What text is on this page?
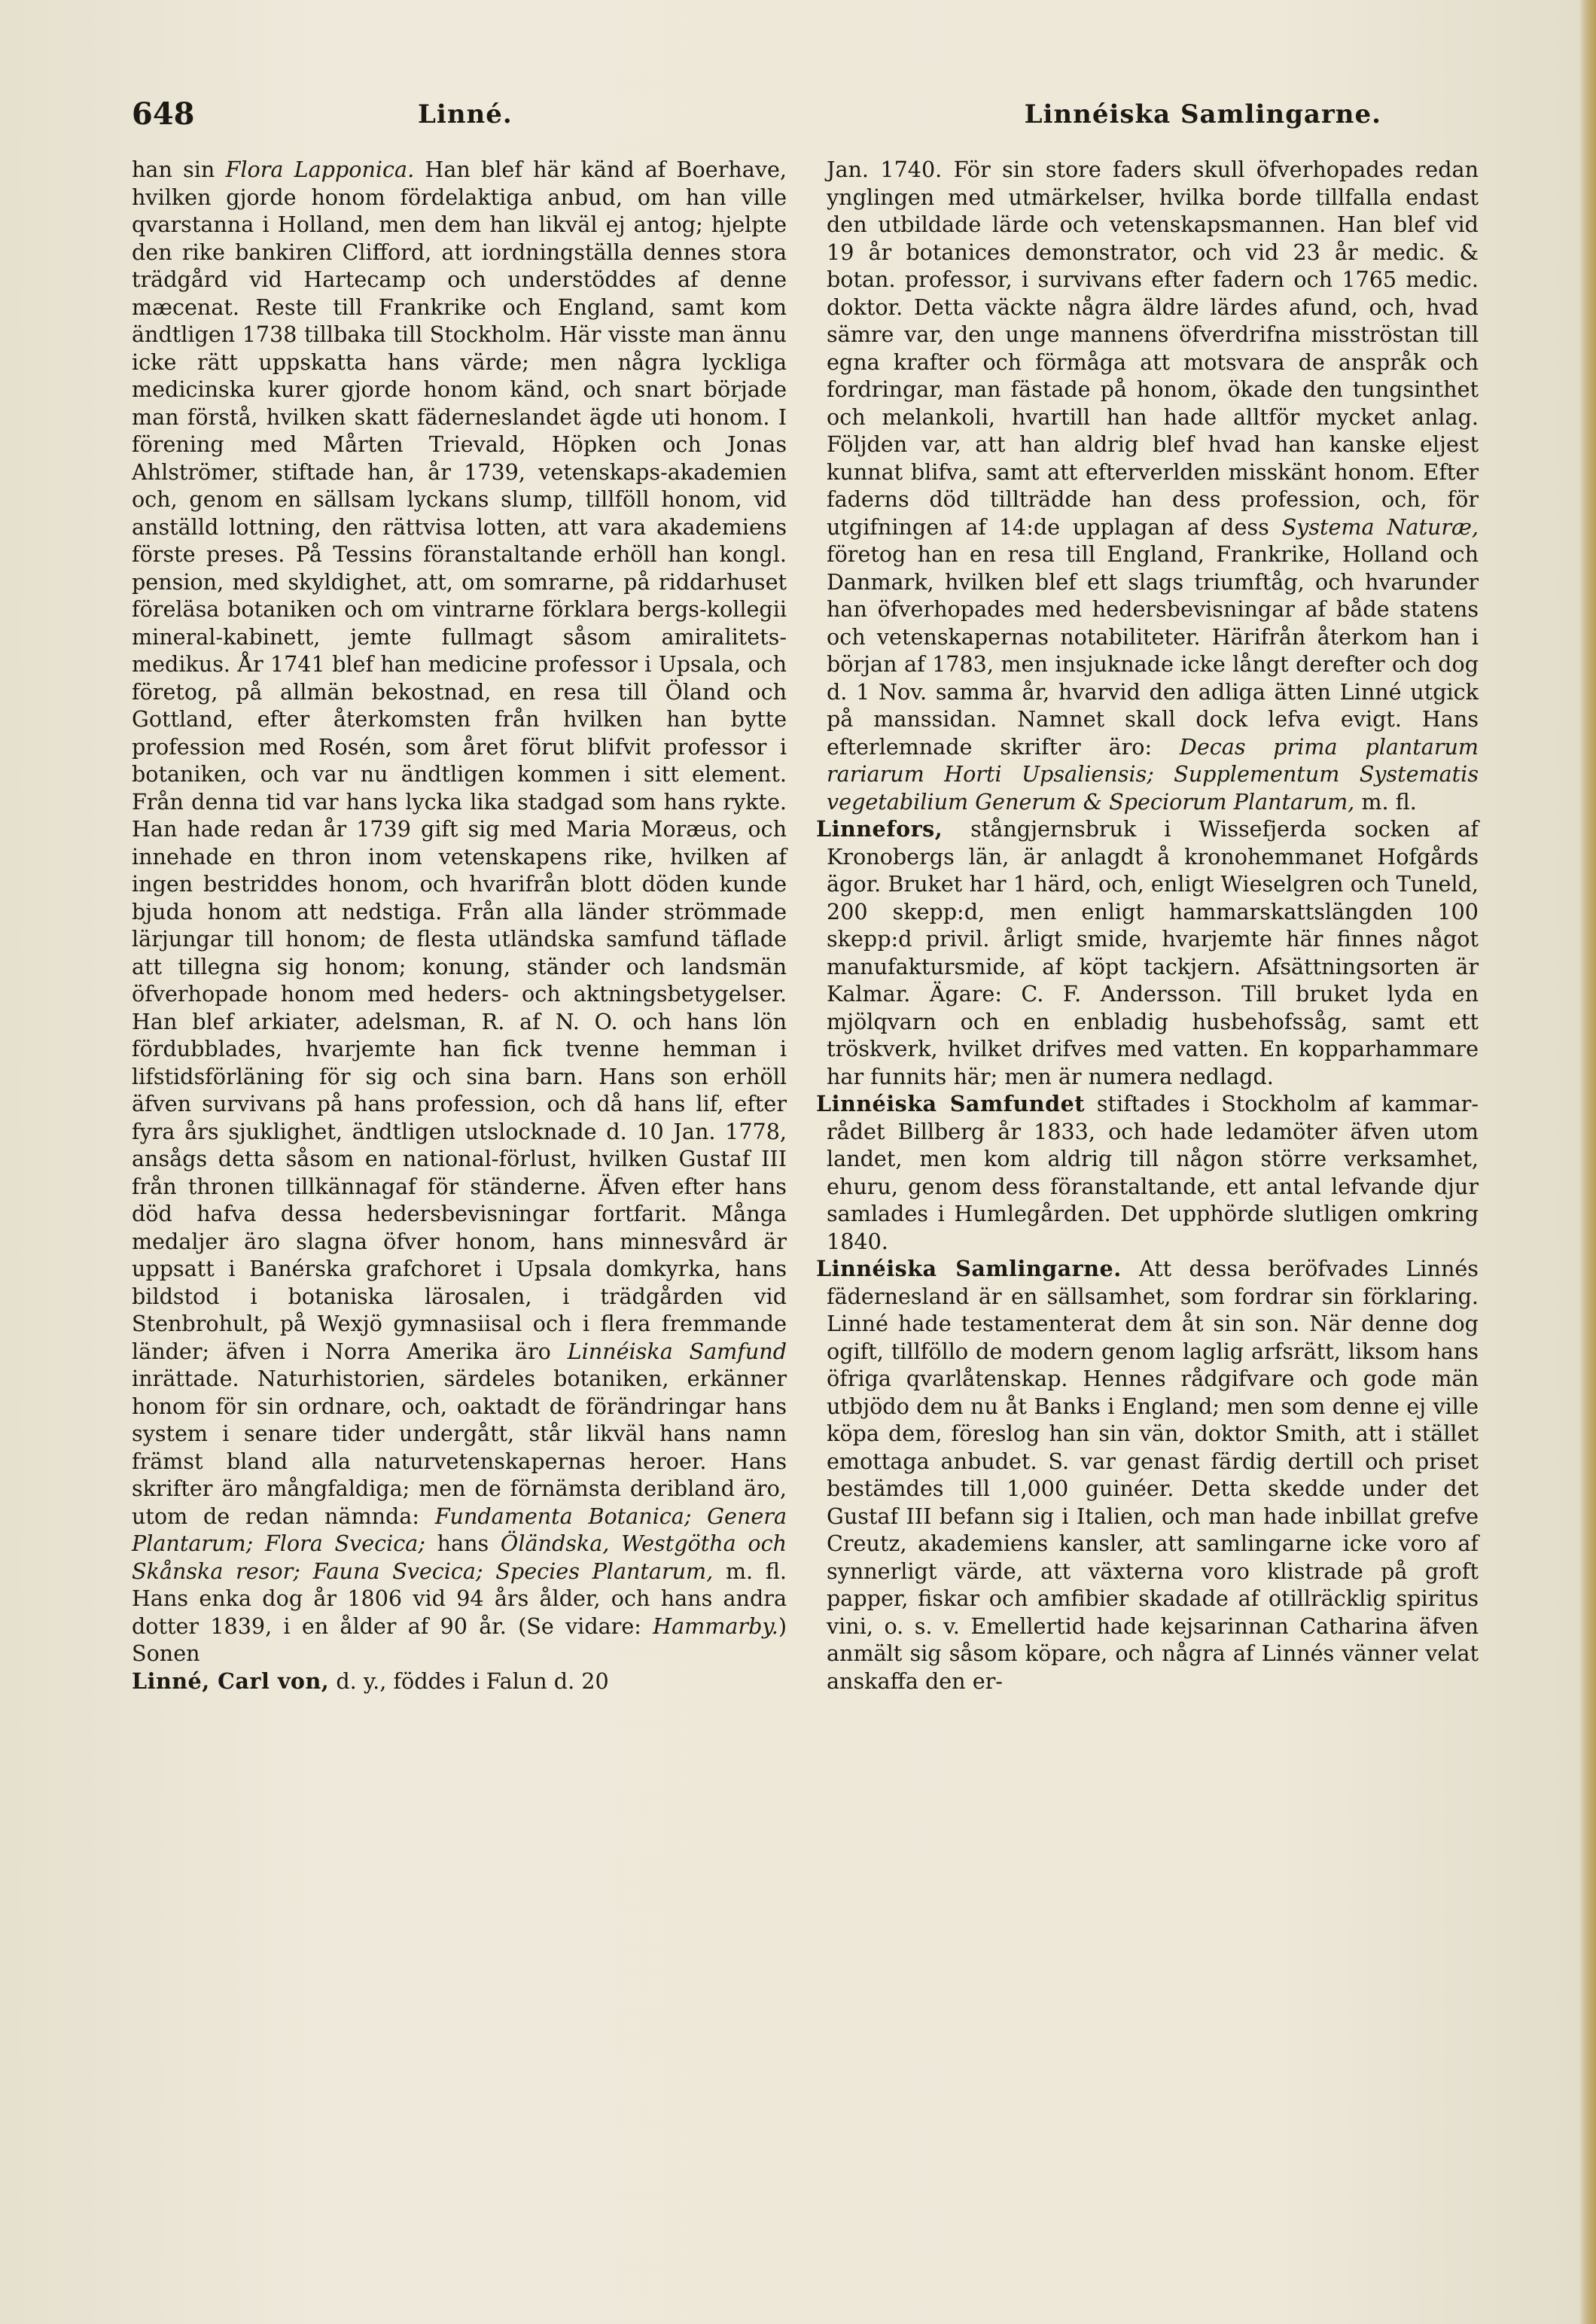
648	Linné.	Linnéiska Samlingarne.

han sin Flora Lapponica. Han blef här känd af Boerhave, hvilken gjorde honom fördelaktiga anbud, om han ville qvarstanna i Holland, men dem han likväl ej antog; hjelpte den rike bankiren Clifford, att iordningställa dennes stora trädgård vid Hartecamp och understöddes af denne mæcenat. Reste till Frankrike och England, samt kom ändtligen 1738 tillbaka till Stockholm. Här visste man ännu icke rätt uppskatta hans värde; men några lyckliga medicinska kurer gjorde honom känd, och snart började man förstå, hvilken skatt fäderneslandet ägde uti honom. I förening med Mårten Trievald, Höpken och Jonas Ahlströmer, stiftade han, år 1739, vetenskaps-akademien och, genom en sällsam lyckans slump, tillföll honom, vid anställd lottning, den rättvisa lotten, att vara akademiens förste preses. På Tessins föranstaltande erhöll han kongl. pension, med skyldighet, att, om somrarne, på riddarhuset föreläsa botaniken och om vintrarne förklara bergs-kollegii mineral-kabinett, jemte fullmagt såsom amiralitets-medikus. År 1741 blef han medicine professor i Upsala, och företog, på allmän bekostnad, en resa till Öland och Gottland, efter återkomsten från hvilken han bytte profession med Rosén, som året förut blifvit professor i botaniken, och var nu ändtligen kommen i sitt element. Från denna tid var hans lycka lika stadgad som hans rykte. Han hade redan år 1739 gift sig med Maria Moræus, och innehade en thron inom vetenskapens rike, hvilken af ingen bestriddes honom, och hvarifrån blott döden kunde bjuda honom att nedstiga. Från alla länder strömmade lärjungar till honom; de flesta utländska samfund täflade att tillegna sig honom; konung, ständer och landsmän öfverhopade honom med heders- och aktningsbetygelser. Han blef arkiater, adelsman, R. af N. O. och hans lön fördubblades, hvarjemte han fick tvenne hemman i lifstidsförläning för sig och sina barn. Hans son erhöll äfven survivans på hans profession, och då hans lif, efter fyra års sjuklighet, ändtligen utslocknade d. 10 Jan. 1778, ansågs detta såsom en national-förlust, hvilken Gustaf III från thronen tillkännagaf för ständerne. Äfven efter hans död hafva dessa hedersbevisningar fortfarit. Många medaljer äro slagna öfver honom, hans minnesvård är uppsatt i Banérska grafchoret i Upsala domkyrka, hans bildstod i botaniska lärosalen, i trädgården vid Stenbrohult, på Wexjö gymnasiisal och i flera fremmande länder; äfven i Norra Amerika äro Linnéiska Samfund inrättade. Naturhistorien, särdeles botaniken, erkänner honom för sin ordnare, och, oaktadt de förändringar hans system i senare tider undergått, står likväl hans namn främst bland alla naturvetenskapernas heroer. Hans skrifter äro mångfaldiga; men de förnämsta deribland äro, utom de redan nämnda: Fundamenta Botanica; Genera Plantarum; Flora Svecica; hans Öländska, Westgötha och Skånska resor; Fauna Svecica; Species Plantarum, m. fl. Hans enka dog år 1806 vid 94 års ålder, och hans andra dotter 1839, i en ålder af 90 år. (Se vidare: Hammarby.) Sonen

Linné, Carl von, d. y., föddes i Falun d. 20

Jan. 1740. För sin store faders skull öfverhopades redan ynglingen med utmärkelser, hvilka borde tillfalla endast den utbildade lärde och vetenskapsmannen. Han blef vid 19 år botanices demonstrator, och vid 23 år medic. & botan. professor, i survivans efter fadern och 1765 medic. doktor. Detta väckte några äldre lärdes afund, och, hvad sämre var, den unge mannens öfverdrifna misströstan till egna krafter och förmåga att motsvara de anspråk och fordringar, man fästade på honom, ökade den tungsinthet och melankoli, hvartill han hade alltför mycket anlag. Följden var, att han aldrig blef hvad han kanske eljest kunnat blifva, samt att efterverlden misskänt honom. Efter faderns död tillträdde han dess profession, och, för utgifningen af 14:de upplagan af dess Systema Naturæ, företog han en resa till England, Frankrike, Holland och Danmark, hvilken blef ett slags triumftåg, och hvarunder han öfverhopades med hedersbevisningar af både statens och vetenskapernas notabiliteter. Härifrån återkom han i början af 1783, men insjuknade icke långt derefter och dog d. 1 Nov. samma år, hvarvid den adliga ätten Linné utgick på manssidan. Namnet skall dock lefva evigt. Hans efterlemnade skrifter äro: Decas prima plantarum rariarum Horti Upsaliensis; Supplementum Systematis vegetabilium Generum & Speciorum Plantarum, m. fl.

Linnefors, stångjernsbruk i Wissefjerda socken af Kronobergs län, är anlagdt å kronohemmanet Hofgårds ägor. Bruket har 1 härd, och, enligt Wieselgren och Tuneld, 200 skepp:d, men enligt hammarskattslängden 100 skepp:d privil. årligt smide, hvarjemte här finnes något manufaktursmide, af köpt tackjern. Afsättningsorten är Kalmar. Ägare: C. F. Andersson. Till bruket lyda en mjölqvarn och en enbladig husbehofssåg, samt ett tröskverk, hvilket drifves med vatten. En kopparhammare har funnits här; men är numera nedlagd.

Linnéiska Samfundet stiftades i Stockholm af kammar-rådet Billberg år 1833, och hade ledamöter äfven utom landet, men kom aldrig till någon större verksamhet, ehuru, genom dess föranstaltande, ett antal lefvande djur samlades i Humlegården. Det upphörde slutligen omkring 1840.

Linnéiska Samlingarne. Att dessa beröfvades Linnés fädernesland är en sällsamhet, som fordrar sin förklaring. Linné hade testamenterat dem åt sin son. När denne dog ogift, tillföllo de modern genom laglig arfsrätt, liksom hans öfriga qvarlåtenskap. Hennes rådgifvare och gode män utbjödo dem nu åt Banks i England; men som denne ej ville köpa dem, föreslog han sin vän, doktor Smith, att i stället emottaga anbudet. S. var genast färdig dertill och priset bestämdes till 1,000 guinéer. Detta skedde under det Gustaf III befann sig i Italien, och man hade inbillat grefve Creutz, akademiens kansler, att samlingarne icke voro af synnerligt värde, att växterna voro klistrade på groft papper, fiskar och amfibier skadade af otillräcklig spiritus vini, o. s. v. Emellertid hade kejsarinnan Catharina äfven anmält sig såsom köpare, och några af Linnés vänner velat anskaffa den er-
